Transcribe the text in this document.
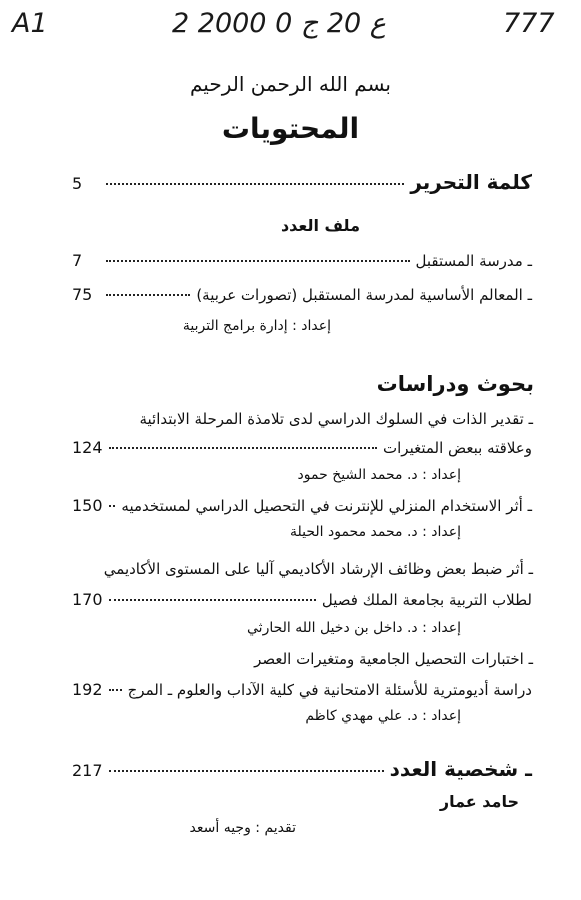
A1	2 ع 20 ج 0 2000	777
بسم الله الرحمن الرحيم
المحتويات
كلمة التحرير
5
ملف العدد
ـ مدرسة المستقبل
7
ـ المعالم الأساسية لمدرسة المستقبل (تصورات عربية)
75
إعداد : إدارة برامج التربية
بحوث ودراسات
ـ تقدير الذات في السلوك الدراسي لدى تلامذة المرحلة الابتدائية
وعلاقته ببعض المتغيرات
124
إعداد : د. محمد الشيخ حمود
ـ أثر الاستخدام المنزلي للإنترنت في التحصيل الدراسي لمستخدميه
150
إعداد : د. محمد محمود الحيلة
ـ أثر ضبط بعض وظائف الإرشاد الأكاديمي آليا على المستوى الأكاديمي
لطلاب التربية بجامعة الملك فصيل
170
إعداد : د. داخل بن دخيل الله الحارثي
ـ اختبارات التحصيل الجامعية ومتغيرات العصر
دراسة أديومترية للأسئلة الامتحانية في كلية الآداب والعلوم ـ المرج
192
إعداد : د. علي مهدي كاظم
ـ شخصية العدد
217
حامد عمار
تقديم : وجيه أسعد
